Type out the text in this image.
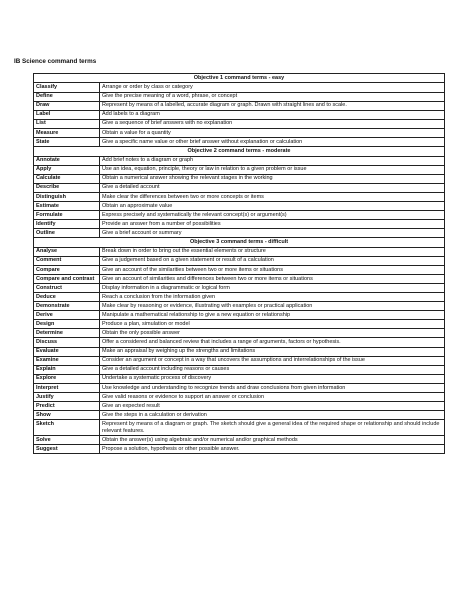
IB Science command terms
Objective 1 command terms - easy	
Classify	Arrange or order by class or category
Define	Give the precise meaning of a word, phrase, or concept
Draw	Represent by means of a labelled, accurate diagram or graph. Drawn with straight lines and to scale.
Label	Add labels to a diagram
List	Give a sequence of brief answers with no explanation
Measure	Obtain a value for a quantity
State	Give a specific name value or other brief answer without explanation or calculation
Objective 2 command terms - moderate	
Annotate	Add brief notes to a diagram or graph
Apply	Use an idea, equation, principle, theory or law in relation to a given problem or issue
Calculate	Obtain a numerical answer showing the relevant stages in the working
Describe	Give a detailed account
Distinguish	Make clear the differences between two or more concepts or items
Estimate	Obtain an approximate value
Formulate	Express precisely and systematically the relevant concept(s) or argument(s)
Identify	Provide an answer from a number of possibilities
Outline	Give a brief account or summary
Objective 3 command terms - difficult	
Analyse	Break down in order to bring out the essential elements or structure
Comment	Give a judgement based on a given statement or result of a calculation
Compare	Give an account of the similarities between two or more items or situations
Compare and contrast	Give an account of similarities and differences between two or more items or situations
Construct	Display information in a diagrammatic or logical form
Deduce	Reach a conclusion from the information given
Demonstrate	Make clear by reasoning or evidence, illustrating with examples or practical application
Derive	Manipulate a mathematical relationship to give a new equation or relationship
Design	Produce a plan, simulation or model
Determine	Obtain the only possible answer
Discuss	Offer a considered and balanced review that includes a range of arguments, factors or hypothesis.
Evaluate	Make an appraisal by weighing up the strengths and limitations
Examine	Consider an argument or concept in a way that uncovers the assumptions and interrelationships of the issue
Explain	Give a detailed account including reasons or causes
Explore	Undertake a systematic process of discovery
Interpret	Use knowledge and understanding to recognize trends and draw conclusions from given information
Justify	Give valid reasons or evidence to support an answer or conclusion
Predict	Give an expected result
Show	Give the steps in a calculation or derivation
Sketch	Represent by means of a diagram or graph. The sketch should give a general idea of the required shape or relationship and should include relevant features.
Solve	Obtain the answer(s) using algebraic and/or numerical and/or graphical methods
Suggest	Propose a solution, hypothesis or other possible answer.
